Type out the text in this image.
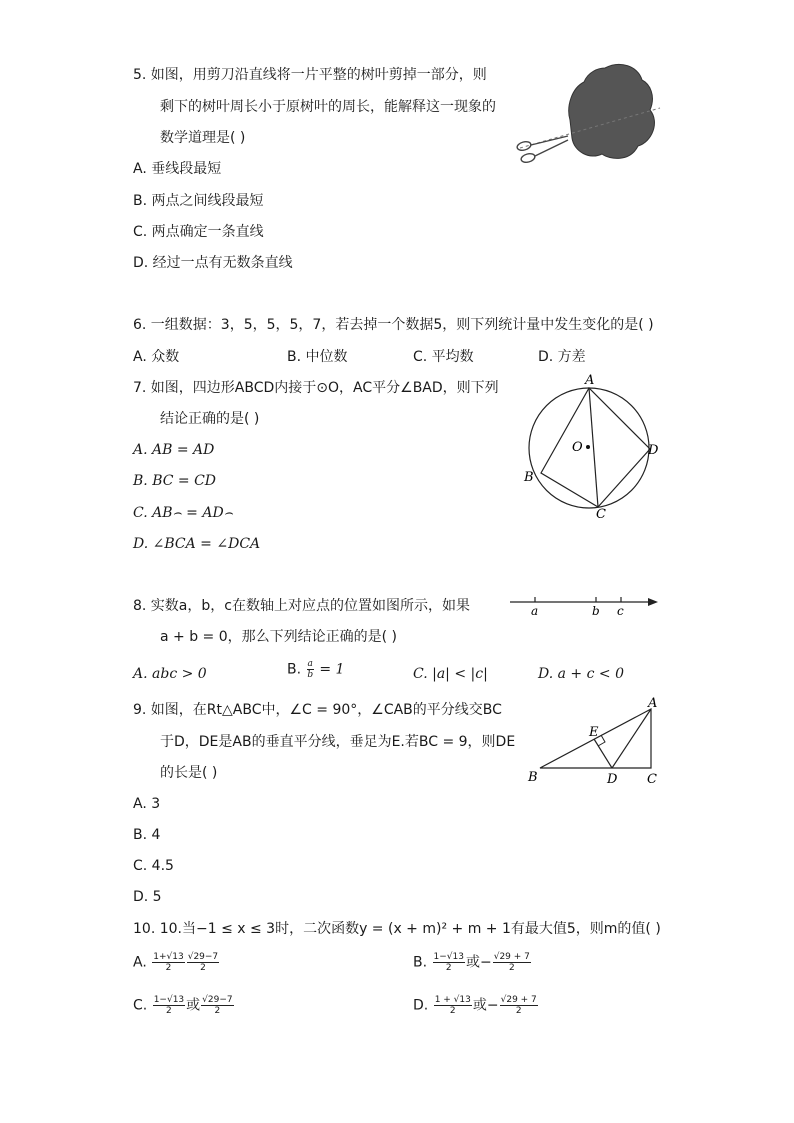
5. 如图，用剪刀沿直线将一片平整的树叶剪掉一部分，则
剩下的树叶周长小于原树叶的周长，能解释这一现象的
数学道理是( )
A. 垂线段最短
B. 两点之间线段最短
C. 两点确定一条直线
D. 经过一点有无数条直线
6. 一组数据：3，5，5，5，7，若去掉一个数据5，则下列统计量中发生变化的是( )
A. 众数	B. 中位数	C. 平均数	D. 方差
7. 如图，四边形ABCD内接于⊙O，AC平分∠BAD，则下列
结论正确的是( )
A. AB = AD
B. BC = CD
C. AB⌢ = AD⌢
D. ∠BCA = ∠DCA
A
B
C
D
O
8. 实数a，b，c在数轴上对应点的位置如图所示，如果
a + b = 0，那么下列结论正确的是( )
A. abc > 0	B. $\frac{a}{b} = 1$	C. |a| < |c|	D. a + c < 0
a	b c
9. 如图，在Rt△ABC中，∠C = 90°，∠CAB的平分线交BC
于D，DE是AB的垂直平分线，垂足为E.若BC = 9，则DE
的长是( )
A. 3
B. 4
C. 4.5
D. 5
A
B	C
D
E
10. 10.当−1 ≤ x ≤ 3时，二次函数y = (x + m)² + m + 1有最大值5，则m的值( )
A. $\frac{1+√13}{2} \frac{√29-7}{2}$	B. $\frac{1-√13}{2}$ 或− $\frac{√29 + 7}{2}$
C. $\frac{1-√13}{2}$ 或 $\frac{√29-7}{2}$	D. $\frac{1 + √13}{2}$ 或− $\frac{√29 + 7}{2}$
